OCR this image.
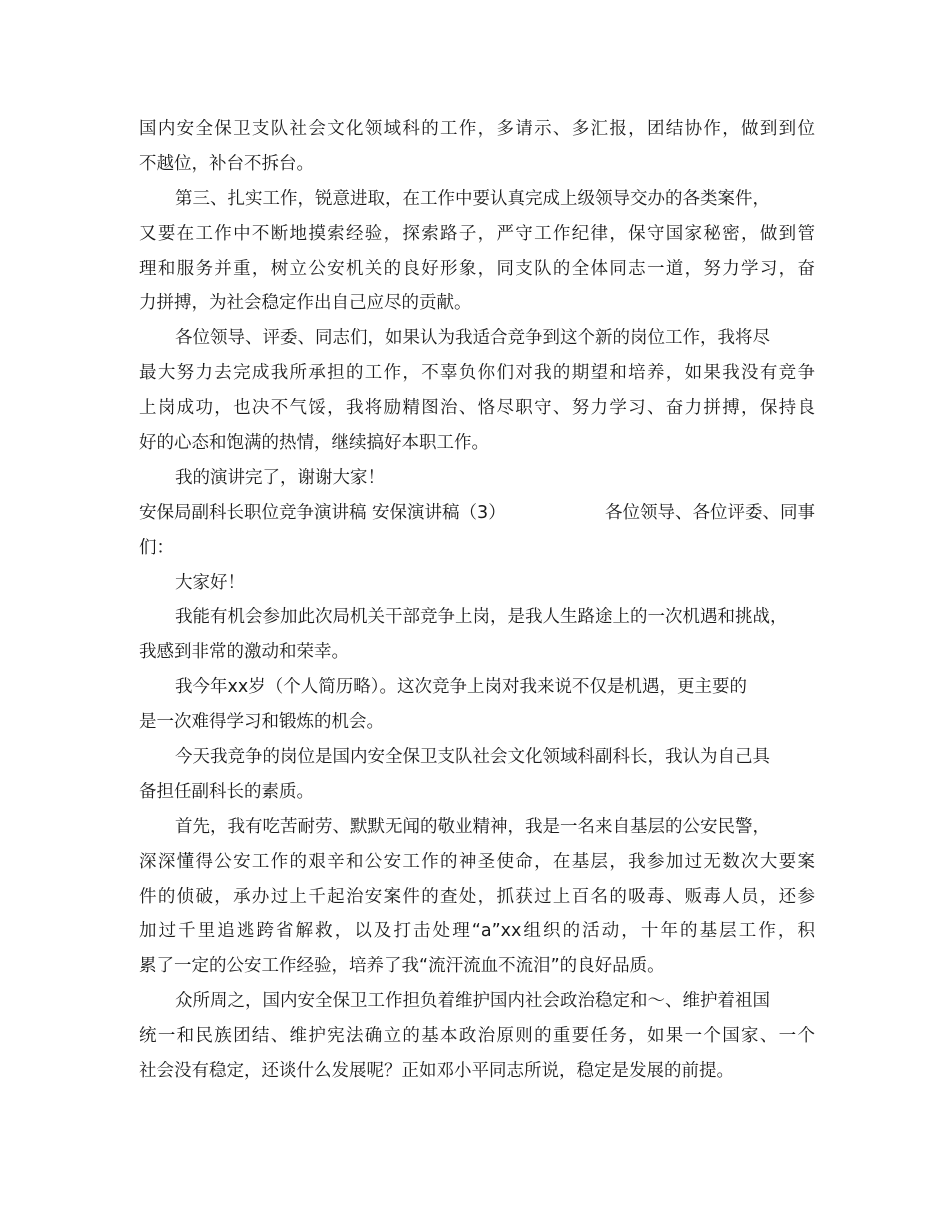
国内安全保卫支队社会文化领域科的工作，多请示、多汇报，团结协作，做到到位
不越位，补台不拆台。
第三、扎实工作，锐意进取，在工作中要认真完成上级领导交办的各类案件，
又要在工作中不断地摸索经验，探索路子，严守工作纪律，保守国家秘密，做到管
理和服务并重，树立公安机关的良好形象，同支队的全体同志一道，努力学习，奋
力拼搏，为社会稳定作出自己应尽的贡献。
各位领导、评委、同志们，如果认为我适合竞争到这个新的岗位工作，我将尽
最大努力去完成我所承担的工作，不辜负你们对我的期望和培养，如果我没有竞争
上岗成功，也决不气馁，我将励精图治、恪尽职守、努力学习、奋力拼搏，保持良
好的心态和饱满的热情，继续搞好本职工作。
我的演讲完了，谢谢大家！
安保局副科长职位竞争演讲稿 安保演讲稿（3）	各位领导、各位评委、同事
们：
大家好！
我能有机会参加此次局机关干部竞争上岗，是我人生路途上的一次机遇和挑战，
我感到非常的激动和荣幸。
我今年xx岁（个人简历略）。这次竞争上岗对我来说不仅是机遇，更主要的
是一次难得学习和锻炼的机会。
今天我竞争的岗位是国内安全保卫支队社会文化领域科副科长，我认为自己具
备担任副科长的素质。
首先，我有吃苦耐劳、默默无闻的敬业精神，我是一名来自基层的公安民警，
深深懂得公安工作的艰辛和公安工作的神圣使命，在基层，我参加过无数次大要案
件的侦破，承办过上千起治安案件的查处，抓获过上百名的吸毒、贩毒人员，还参
加过千里追逃跨省解救，以及打击处理“a”xx组织的活动，十年的基层工作，积
累了一定的公安工作经验，培养了我“流汗流血不流泪”的良好品质。
众所周之，国内安全保卫工作担负着维护国内社会政治稳定和～、维护着祖国
统一和民族团结、维护宪法确立的基本政治原则的重要任务，如果一个国家、一个
社会没有稳定，还谈什么发展呢？正如邓小平同志所说，稳定是发展的前提。
